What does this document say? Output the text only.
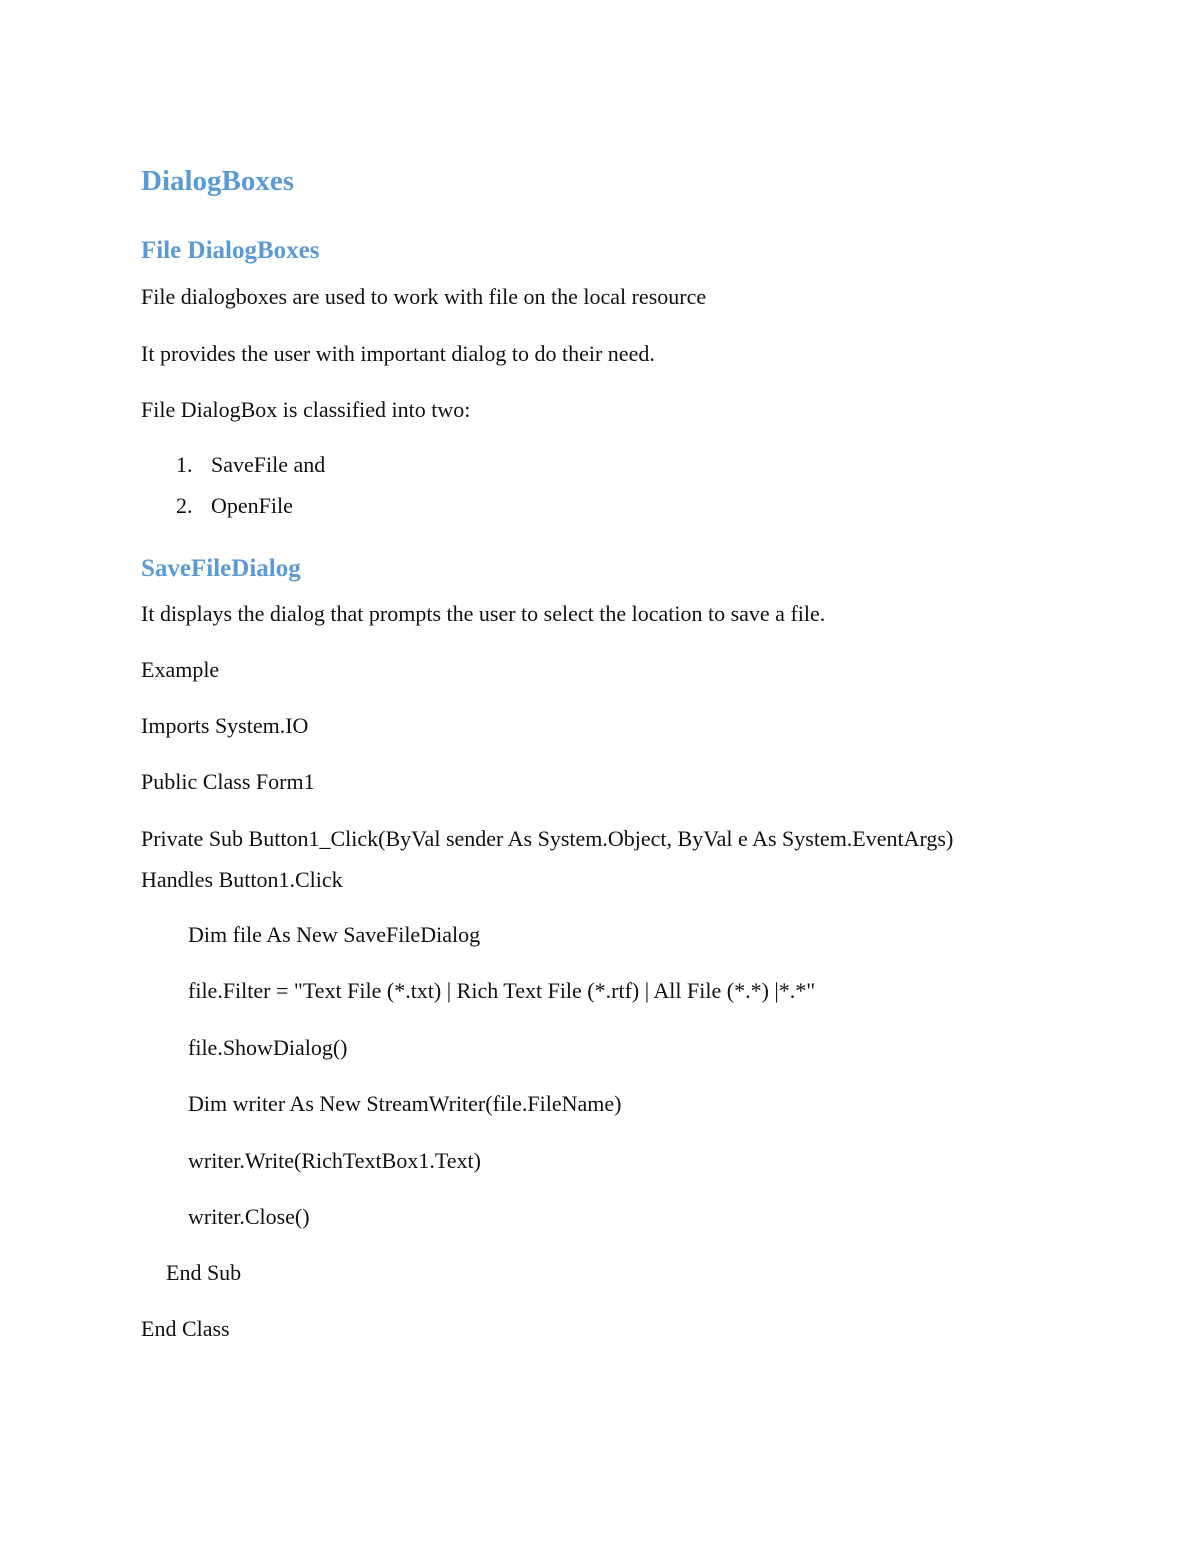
DialogBoxes
File DialogBoxes
File dialogboxes are used to work with file on the local resource
It provides the user with important dialog to do their need.
File DialogBox is classified into two:
1. SaveFile and
2. OpenFile
SaveFileDialog
It displays the dialog that prompts the user to select the location to save a file.
Example
Imports System.IO
Public Class Form1
Private Sub Button1_Click(ByVal sender As System.Object, ByVal e As System.EventArgs)
Handles Button1.Click
Dim file As New SaveFileDialog
file.Filter = "Text File (*.txt) | Rich Text File (*.rtf) | All File (*.*) |*.*"
file.ShowDialog()
Dim writer As New StreamWriter(file.FileName)
writer.Write(RichTextBox1.Text)
writer.Close()
End Sub
End Class
